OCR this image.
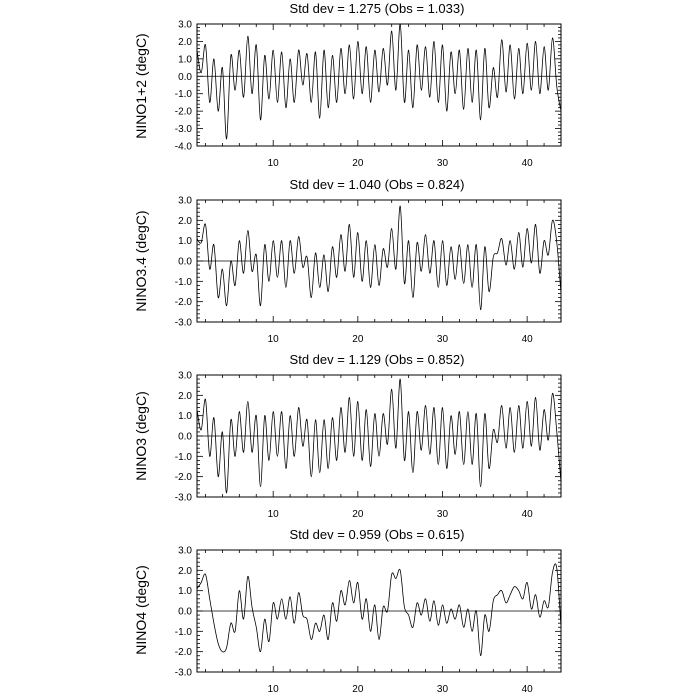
Std dev = 1.275 (Obs = 1.033)
NINO1+2 (degC)
-4.0
-3.0
-2.0
-1.0
0.0
1.0
2.0
3.0
10	20	30	40
Std dev = 1.040 (Obs = 0.824)
NINO3.4 (degC)
-3.0
-2.0
-1.0
0.0
1.0
2.0
3.0
10	20	30	40
Std dev = 1.129 (Obs = 0.852)
NINO3 (degC)
-3.0
-2.0
-1.0
0.0
1.0
2.0
3.0
10	20	30	40
Std dev = 0.959 (Obs = 0.615)
NINO4 (degC)
-3.0
-2.0
-1.0
0.0
1.0
2.0
3.0
10	20	30	40
